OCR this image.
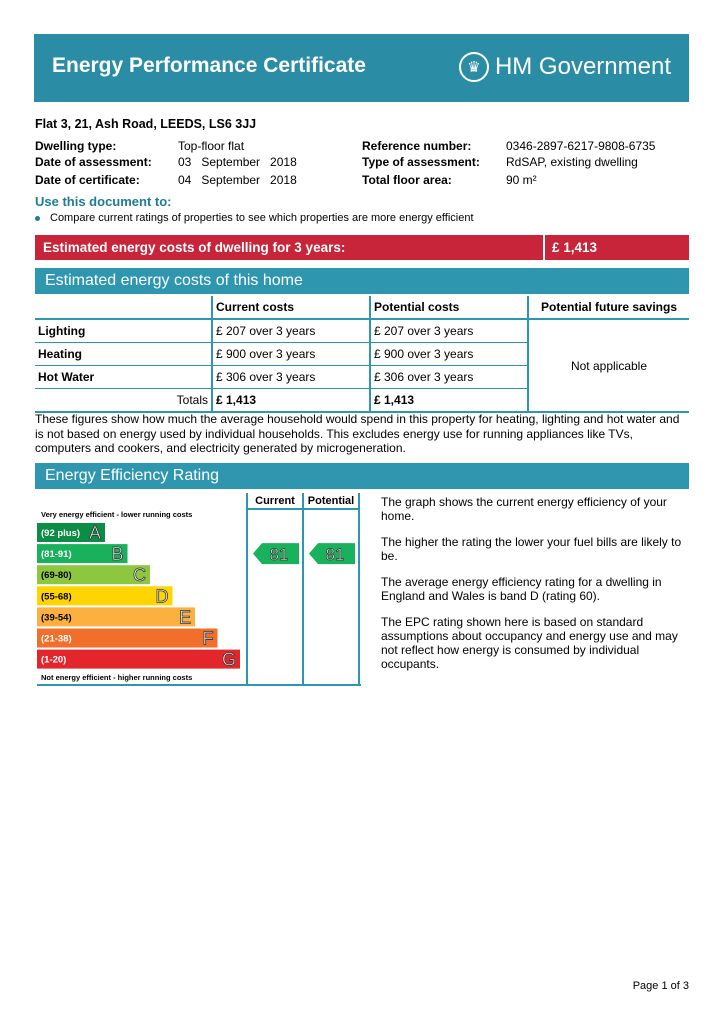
Energy Performance Certificate	♛ HM Government
Flat 3, 21, Ash Road, LEEDS, LS6 3JJ
Dwelling type:	Top-floor flat
Date of assessment: 03   September   2018
Date of certificate:	04   September   2018
Reference number:	0346-2897-6217-9808-6735
Type of assessment: RdSAP, existing dwelling
Total floor area:	90 m²
Use this document to:
Compare current ratings of properties to see which properties are more energy efficient
Estimated energy costs of dwelling for 3 years:	£ 1,413
Estimated energy costs of this home
	Current costs	Potential costs	Potential future savings
Lighting	£ 207 over 3 years	£ 207 over 3 years	Not applicable
Heating	£ 900 over 3 years	£ 900 over 3 years	
Hot Water	£ 306 over 3 years	£ 306 over 3 years	
Totals	£ 1,413	£ 1,413	
These figures show how much the average household would spend in this property for heating, lighting and hot water and is not based on energy used by individual households. This excludes energy use for running appliances like TVs, computers and cookers, and electricity generated by microgeneration.
Energy Efficiency Rating
Current Potential
Very energy efficient - lower running costs
Not energy efficient - higher running costs
(92 plus) A
(81-91) B
(69-80)	C
(55-68)	D
(39-54)	E
(21-38)	F
(1-20)	G
81 81

The graph shows the current energy efficiency of your home.

The higher the rating the lower your fuel bills are likely to be.

The average energy efficiency rating for a dwelling in England and Wales is band D (rating 60).

The EPC rating shown here is based on standard assumptions about occupancy and energy use and may not reflect how energy is consumed by individual occupants.

Page 1 of 3
